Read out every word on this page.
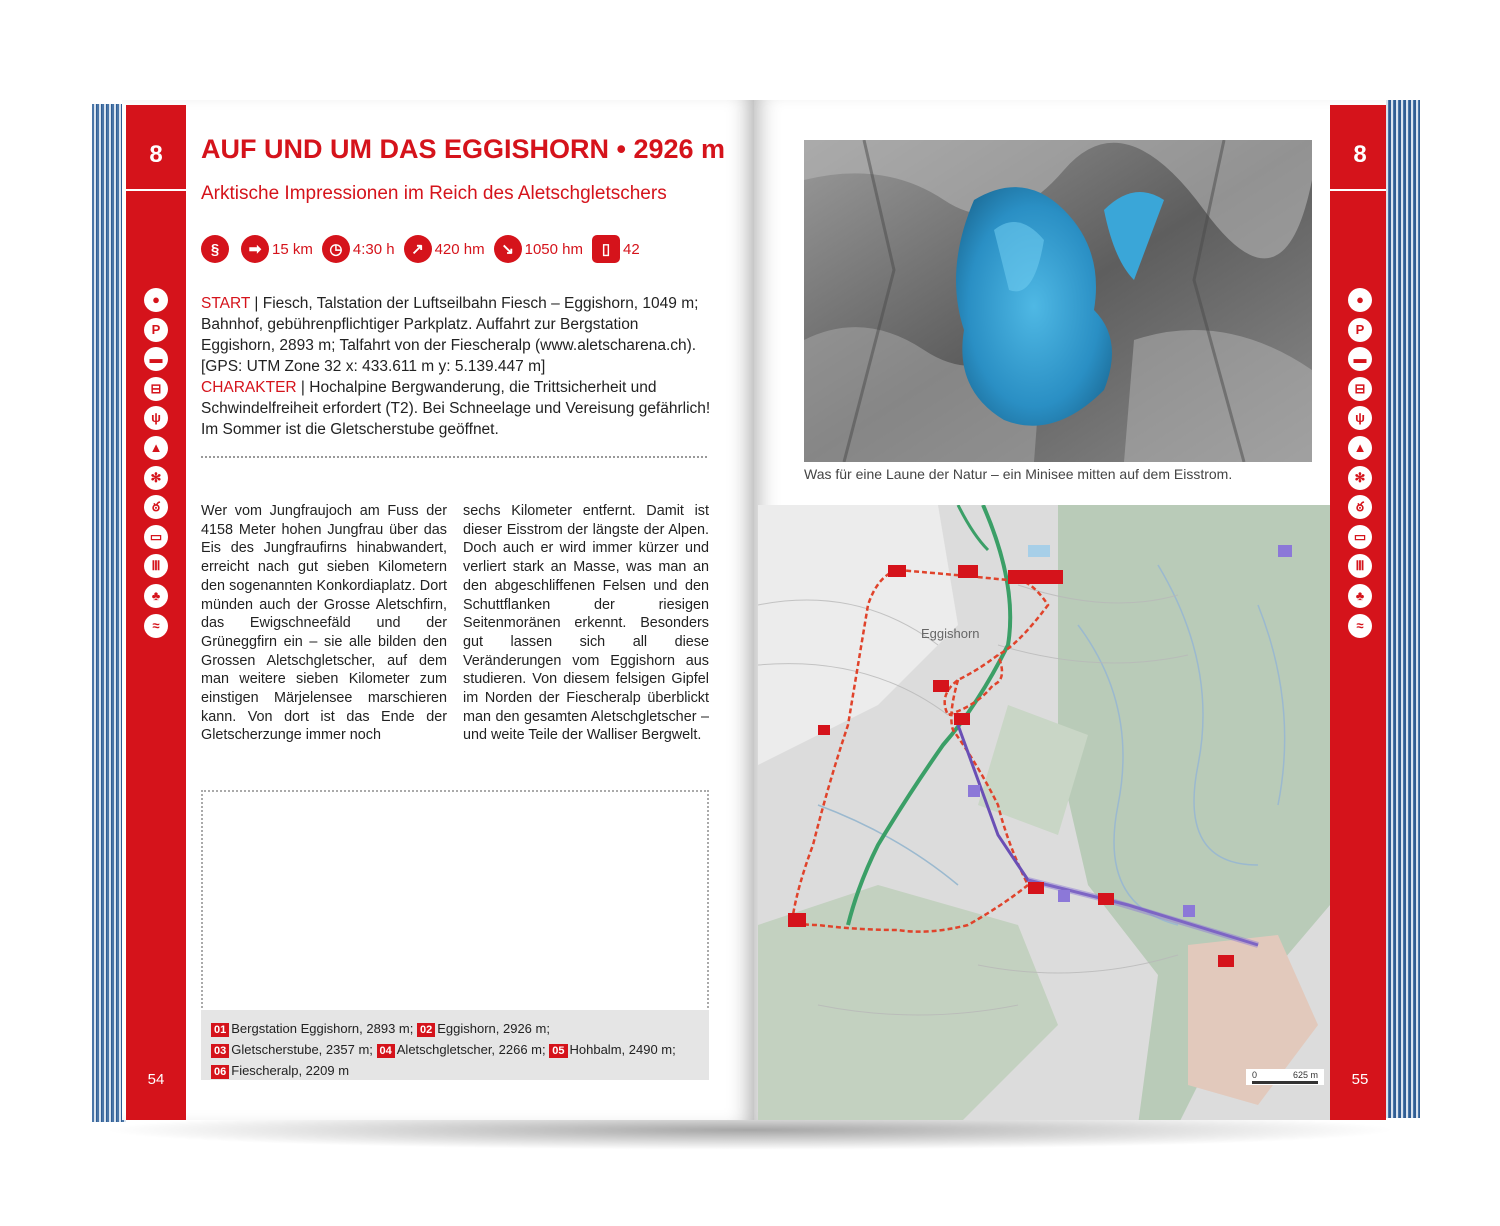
8
●
P
▬
⊟
ψ
▲
✻
ఠ
▭
Ⅲ
♣
≈
54
AUF UND UM DAS EGGISHORN • 2926 m
Arktische Impressionen im Reich des Aletschgletschers
§	➡ 15 km	◷ 4:30 h	↗ 420 hm	↘ 1050 hm	▯ 42
START | Fiesch, Talstation der Luftseilbahn Fiesch – Eggishorn, 1049 m; Bahnhof, gebührenpflichtiger Parkplatz. Auffahrt zur Bergstation Eggishorn, 2893 m; Talfahrt von der Fiescheralp (www.aletscharena.ch). [GPS: UTM Zone 32 x: 433.611 m y: 5.139.447 m]
CHARAKTER | Hochalpine Bergwanderung, die Trittsicherheit und Schwindelfreiheit erfordert (T2). Bei Schneelage und Vereisung gefährlich! Im Sommer ist die Gletscherstube geöffnet.
Wer vom Jungfraujoch am Fuss der 4158 Meter hohen Jungfrau über das Eis des Jungfraufirns hinabwandert, erreicht nach gut sieben Kilometern den sogenannten Konkordiaplatz. Dort münden auch der Grosse Aletschfirn, das Ewigschneefäld und der Grüneggfirn ein – sie alle bilden den Grossen Aletschgletscher, auf dem man weitere sieben Kilometer zum einstigen Märjelensee marschieren kann. Von dort ist das Ende der Gletscherzunge immer noch
sechs Kilometer entfernt. Damit ist dieser Eisstrom der längste der Alpen. Doch auch er wird immer kürzer und verliert stark an Masse, was man an den abgeschliffenen Felsen und den Schuttflanken der riesigen Seitenmoränen erkennt. Besonders gut lassen sich all diese Veränderungen vom Eggishorn aus studieren. Von diesem felsigen Gipfel im Norden der Fiescheralp überblickt man den gesamten Aletschgletscher – und weite Teile der Walliser Bergwelt.
01 Bergstation Eggishorn, 2893 m; 02 Eggishorn, 2926 m;
03 Gletscherstube, 2357 m; 04 Aletschgletscher, 2266 m; 05 Hohbalm, 2490 m; 06 Fiescheralp, 2209 m
8
●
P
▬
⊟
ψ
▲
✻
ఠ
▭
Ⅲ
♣
≈
55
Was für eine Laune der Natur – ein Minisee mitten auf dem Eisstrom.
Eggishorn
0	625 m
